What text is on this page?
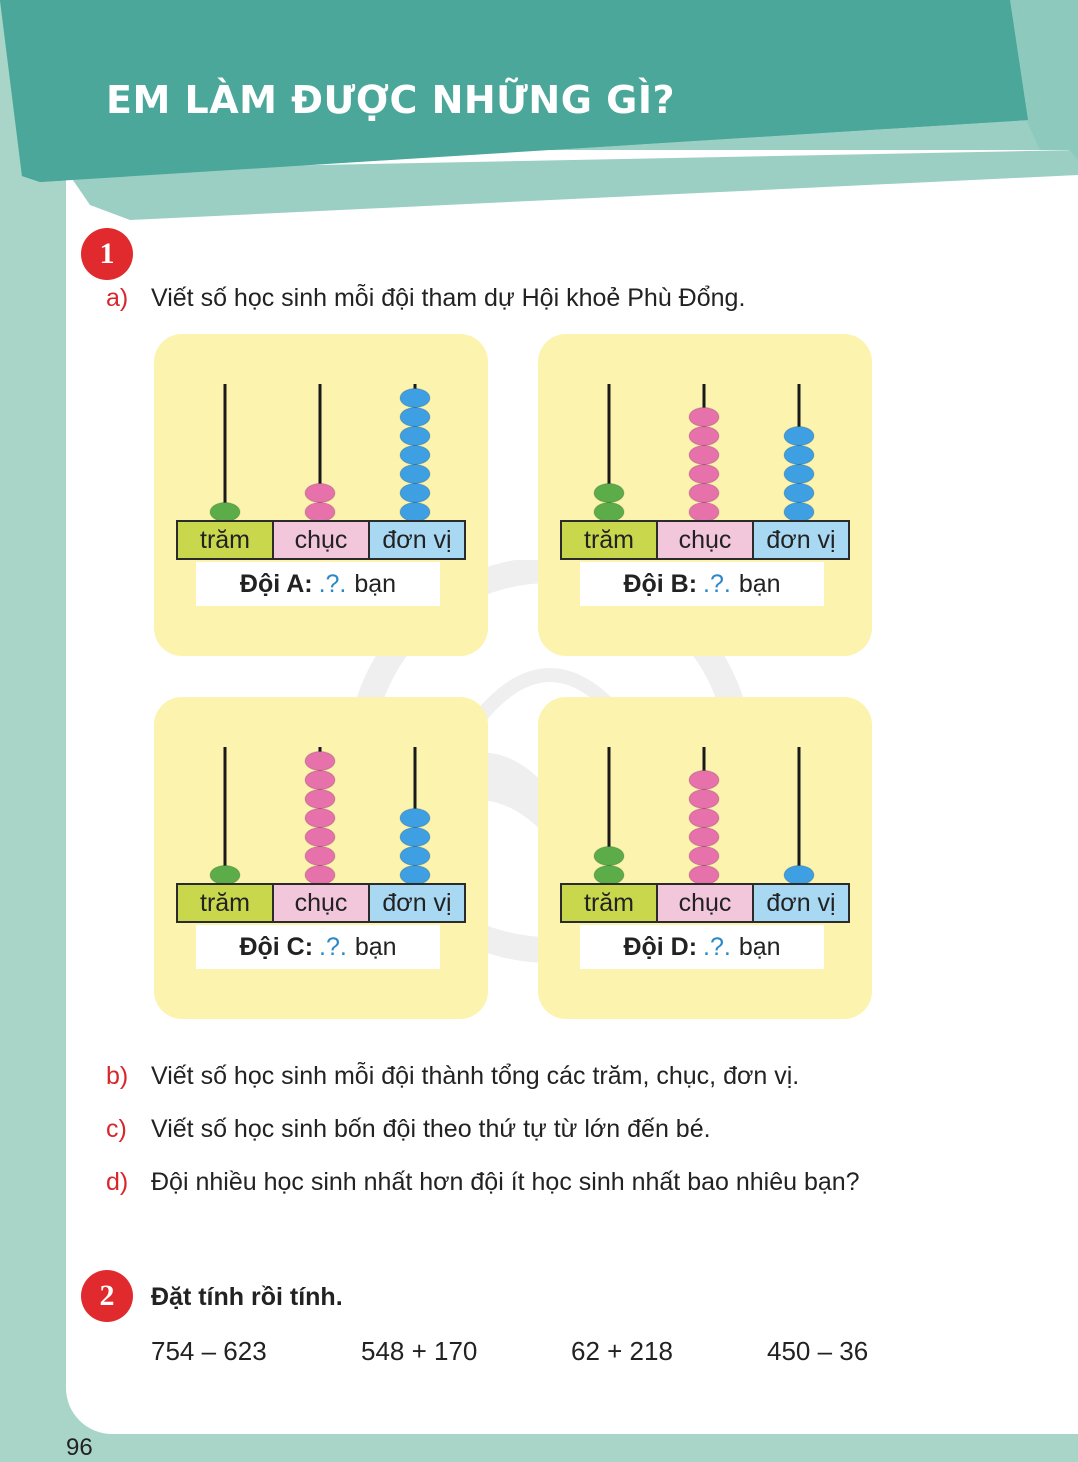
EM LÀM ĐƯỢC NHỮNG GÌ?
1
a) Viết số học sinh mỗi đội tham dự Hội khoẻ Phù Đổng.
trăm	chục	đơn vị
Đội A: .?. bạn
trăm	chục	đơn vị
Đội B: .?. bạn
trăm	chục	đơn vị
Đội C: .?. bạn
trăm	chục	đơn vị
Đội D: .?. bạn
b) Viết số học sinh mỗi đội thành tổng các trăm, chục, đơn vị.
c) Viết số học sinh bốn đội theo thứ tự từ lớn đến bé.
d) Đội nhiều học sinh nhất hơn đội ít học sinh nhất bao nhiêu bạn?
2	Đặt tính rồi tính.
754 – 623	548 + 170	62 + 218	450 – 36
96
